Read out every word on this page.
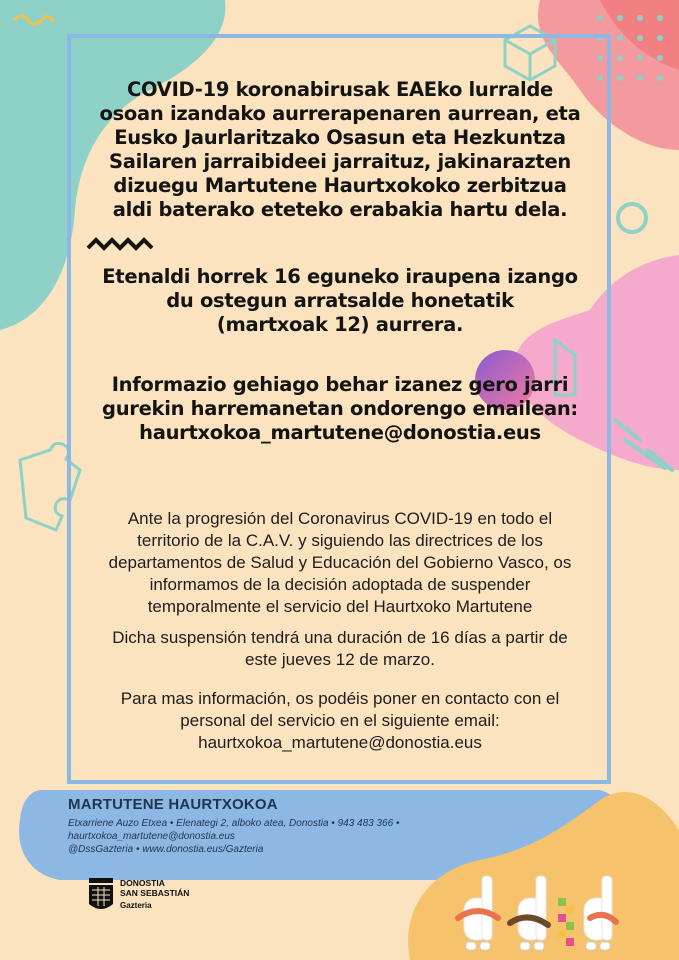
COVID-19 koronabirusak EAEko lurralde

osoan izandako aurrerapenaren aurrean, eta

Eusko Jaurlaritzako Osasun eta Hezkuntza

Sailaren jarraibideei jarraituz, jakinarazten

dizuegu Martutene Haurtxokoko zerbitzua

aldi baterako eteteko erabakia hartu dela.

Etenaldi horrek 16 eguneko iraupena izango

du ostegun arratsalde honetatik

(martxoak 12) aurrera.

Informazio gehiago behar izanez gero jarri

gurekin harremanetan ondorengo emailean:

haurtxokoa_martutene@donostia.eus

Ante la progresión del Coronavirus COVID-19 en todo el

territorio de la C.A.V. y siguiendo las directrices de los

departamentos de Salud y Educación del Gobierno Vasco, os

informamos de la decisión adoptada de suspender

temporalmente el servicio del Haurtxoko Martutene

Dicha suspensión tendrá una duración de 16 días a partir de

este jueves 12 de marzo.

Para mas información, os podéis poner en contacto con el

personal del servicio en el siguiente email:

haurtxokoa_martutene@donostia.eus

MARTUTENE HAURTXOKOA

Etxarriene Auzo Etxea • Elenategi 2, alboko atea, Donostia • 943 483 366 •

haurtxokoa_martutene@donostia.eus

@DssGazteria • www.donostia.eus/Gazteria

DONOSTIA
SAN SEBASTIÁN
Gazteria
